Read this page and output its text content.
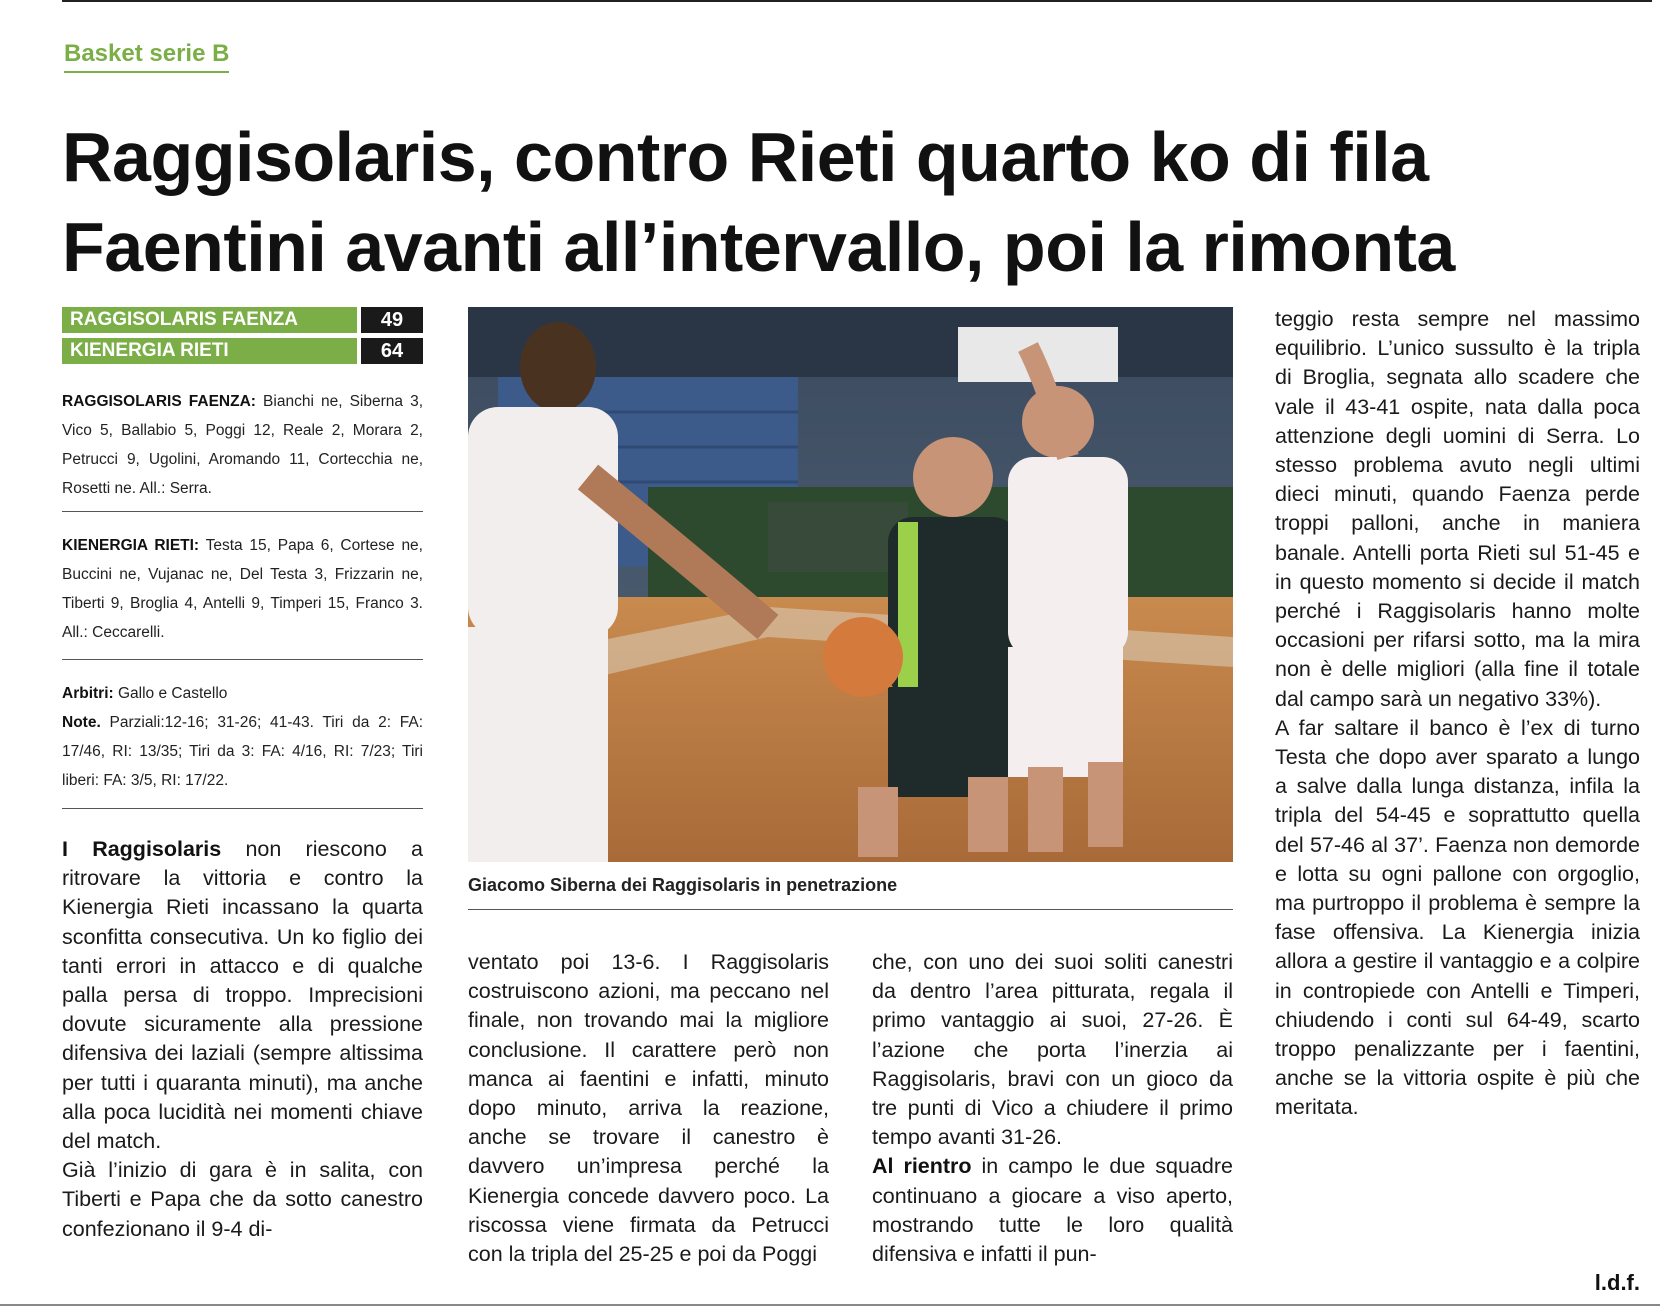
Basket serie B
Raggisolaris, contro Rieti quarto ko di fila
Faentini avanti all’intervallo, poi la rimonta
RAGGISOLARIS FAENZA	49
KIENERGIA RIETI	64
RAGGISOLARIS FAENZA: Bianchi ne, Siberna 3, Vico 5, Ballabio 5, Poggi 12, Reale 2, Morara 2, Petrucci 9, Ugolini, Aromando 11, Cortecchia ne, Rosetti ne. All.: Serra.
KIENERGIA RIETI: Testa 15, Papa 6, Cortese ne, Buccini ne, Vujanac ne, Del Testa 3, Frizzarin ne, Tiberti 9, Broglia 4, Antelli 9, Timperi 15, Franco 3. All.: Ceccarelli.
Arbitri: Gallo e Castello
Note. Parziali:12-16; 31-26; 41-43. Tiri da 2: FA: 17/46, RI: 13/35; Tiri da 3: FA: 4/16, RI: 7/23; Tiri liberi: FA: 3/5, RI: 17/22.
Giacomo Siberna dei Raggisolaris in penetrazione

I Raggisolaris non riescono a ritrovare la vittoria e contro la Kienergia Rieti incassano la quarta sconfitta consecutiva. Un ko figlio dei tanti errori in attacco e di qualche palla persa di troppo. Imprecisioni dovute sicuramente alla pressione difensiva dei laziali (sempre altissima per tutti i quaranta minuti), ma anche alla poca lucidità nei momenti chiave del match.

Già l’inizio di gara è in salita, con Tiberti e Papa che da sotto canestro confezionano il 9-4 di-

ventato poi 13-6. I Raggisolaris costruiscono azioni, ma peccano nel finale, non trovando mai la migliore conclusione. Il carattere però non manca ai faentini e infatti, minuto dopo minuto, arriva la reazione, anche se trovare il canestro è davvero un’impresa perché la Kienergia concede davvero poco. La riscossa viene firmata da Petrucci con la tripla del 25-25 e poi da Poggi

che, con uno dei suoi soliti canestri da dentro l’area pitturata, regala il primo vantaggio ai suoi, 27-26. È l’azione che porta l’inerzia ai Raggisolaris, bravi con un gioco da tre punti di Vico a chiudere il primo tempo avanti 31-26.

Al rientro in campo le due squadre continuano a giocare a viso aperto, mostrando tutte le loro qualità difensiva e infatti il pun-

teggio resta sempre nel massimo equilibrio. L’unico sussulto è la tripla di Broglia, segnata allo scadere che vale il 43-41 ospite, nata dalla poca attenzione degli uomini di Serra. Lo stesso problema avuto negli ultimi dieci minuti, quando Faenza perde troppi palloni, anche in maniera banale. Antelli porta Rieti sul 51-45 e in questo momento si decide il match perché i Raggisolaris hanno molte occasioni per rifarsi sotto, ma la mira non è delle migliori (alla fine il totale dal campo sarà un negativo 33%).

A far saltare il banco è l’ex di turno Testa che dopo aver sparato a lungo a salve dalla lunga distanza, infila la tripla del 54-45 e soprattutto quella del 57-46 al 37’. Faenza non demorde e lotta su ogni pallone con orgoglio, ma purtroppo il problema è sempre la fase offensiva. La Kienergia inizia allora a gestire il vantaggio e a colpire in contropiede con Antelli e Timperi, chiudendo i conti sul 64-49, scarto troppo penalizzante per i faentini, anche se la vittoria ospite è più che meritata.

l.d.f.
